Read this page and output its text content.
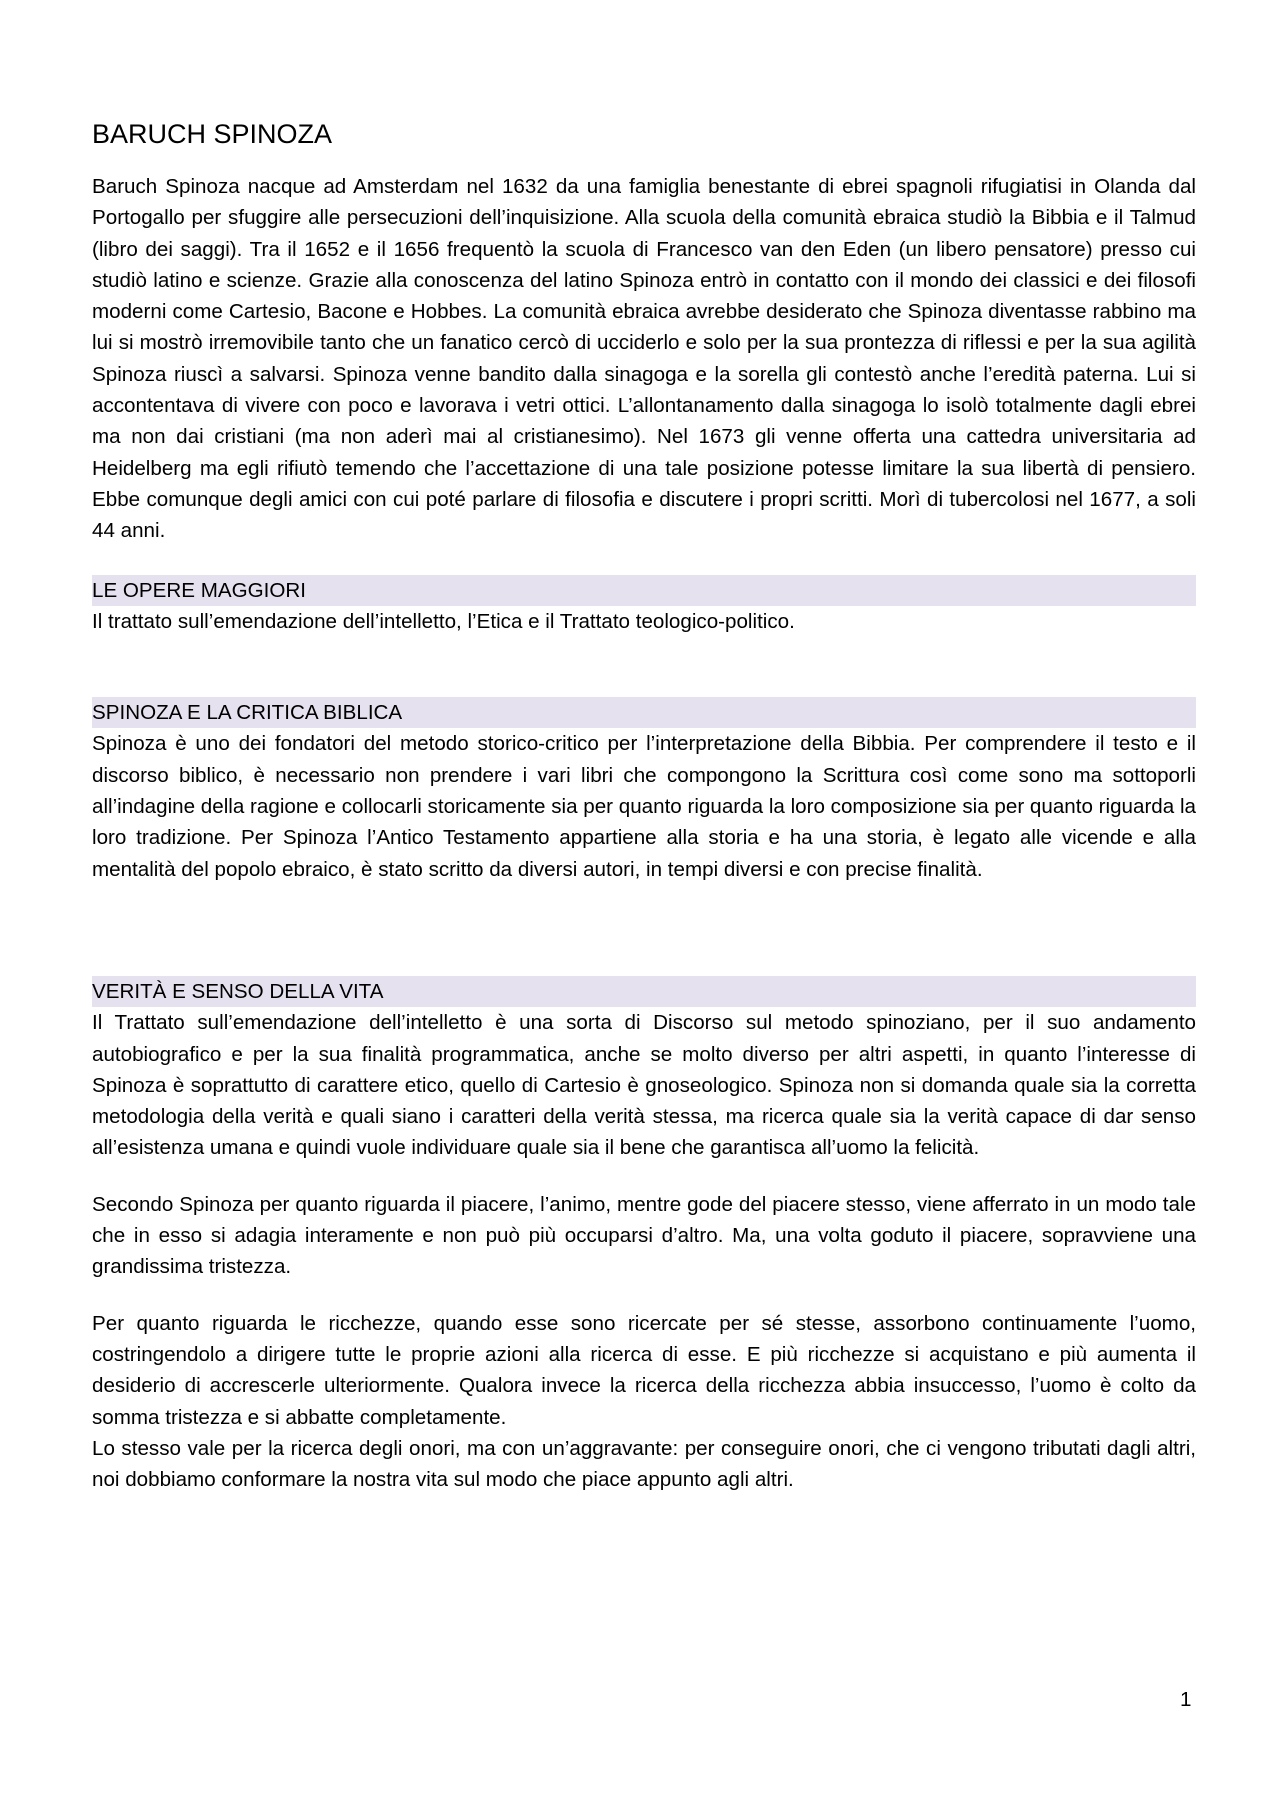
BARUCH SPINOZA

Baruch Spinoza nacque ad Amsterdam nel 1632 da una famiglia benestante di ebrei spagnoli rifugiatisi in Olanda dal Portogallo per sfuggire alle persecuzioni dell’inquisizione. Alla scuola della comunità ebraica studiò la Bibbia e il Talmud (libro dei saggi). Tra il 1652 e il 1656 frequentò la scuola di Francesco van den Eden (un libero pensatore) presso cui studiò latino e scienze. Grazie alla conoscenza del latino Spinoza entrò in contatto con il mondo dei classici e dei filosofi moderni come Cartesio, Bacone e Hobbes. La comunità ebraica avrebbe desiderato che Spinoza diventasse rabbino ma lui si mostrò irremovibile tanto che un fanatico cercò di ucciderlo e solo per la sua prontezza di riflessi e per la sua agilità Spinoza riuscì a salvarsi. Spinoza venne bandito dalla sinagoga e la sorella gli contestò anche l’eredità paterna. Lui si accontentava di vivere con poco e lavorava i vetri ottici. L’allontanamento dalla sinagoga lo isolò totalmente dagli ebrei ma non dai cristiani (ma non aderì mai al cristianesimo). Nel 1673 gli venne offerta una cattedra universitaria ad Heidelberg ma egli rifiutò temendo che l’accettazione di una tale posizione potesse limitare la sua libertà di pensiero. Ebbe comunque degli amici con cui poté parlare di filosofia e discutere i propri scritti. Morì di tubercolosi nel 1677, a soli 44 anni.

LE OPERE MAGGIORI

Il trattato sull’emendazione dell’intelletto, l’Etica e il Trattato teologico-politico.

SPINOZA E LA CRITICA BIBLICA

Spinoza è uno dei fondatori del metodo storico-critico per l’interpretazione della Bibbia. Per comprendere il testo e il discorso biblico, è necessario non prendere i vari libri che compongono la Scrittura così come sono ma sottoporli all’indagine della ragione e collocarli storicamente sia per quanto riguarda la loro composizione sia per quanto riguarda la loro tradizione. Per Spinoza l’Antico Testamento appartiene alla storia e ha una storia, è legato alle vicende e alla mentalità del popolo ebraico, è stato scritto da diversi autori, in tempi diversi e con precise finalità.

VERITÀ E SENSO DELLA VITA

Il Trattato sull’emendazione dell’intelletto è una sorta di Discorso sul metodo spinoziano, per il suo andamento autobiografico e per la sua finalità programmatica, anche se molto diverso per altri aspetti, in quanto l’interesse di Spinoza è soprattutto di carattere etico, quello di Cartesio è gnoseologico. Spinoza non si domanda quale sia la corretta metodologia della verità e quali siano i caratteri della verità stessa, ma ricerca quale sia la verità capace di dar senso all’esistenza umana e quindi vuole individuare quale sia il bene che garantisca all’uomo la felicità.

Secondo Spinoza per quanto riguarda il piacere, l’animo, mentre gode del piacere stesso, viene afferrato in un modo tale che in esso si adagia interamente e non può più occuparsi d’altro. Ma, una volta goduto il piacere, sopravviene una grandissima tristezza.

Per quanto riguarda le ricchezze, quando esse sono ricercate per sé stesse, assorbono continuamente l’uomo, costringendolo a dirigere tutte le proprie azioni alla ricerca di esse. E più ricchezze si acquistano e più aumenta il desiderio di accrescerle ulteriormente. Qualora invece la ricerca della ricchezza abbia insuccesso, l’uomo è colto da somma tristezza e si abbatte completamente.

Lo stesso vale per la ricerca degli onori, ma con un’aggravante: per conseguire onori, che ci vengono tributati dagli altri, noi dobbiamo conformare la nostra vita sul modo che piace appunto agli altri.

1
